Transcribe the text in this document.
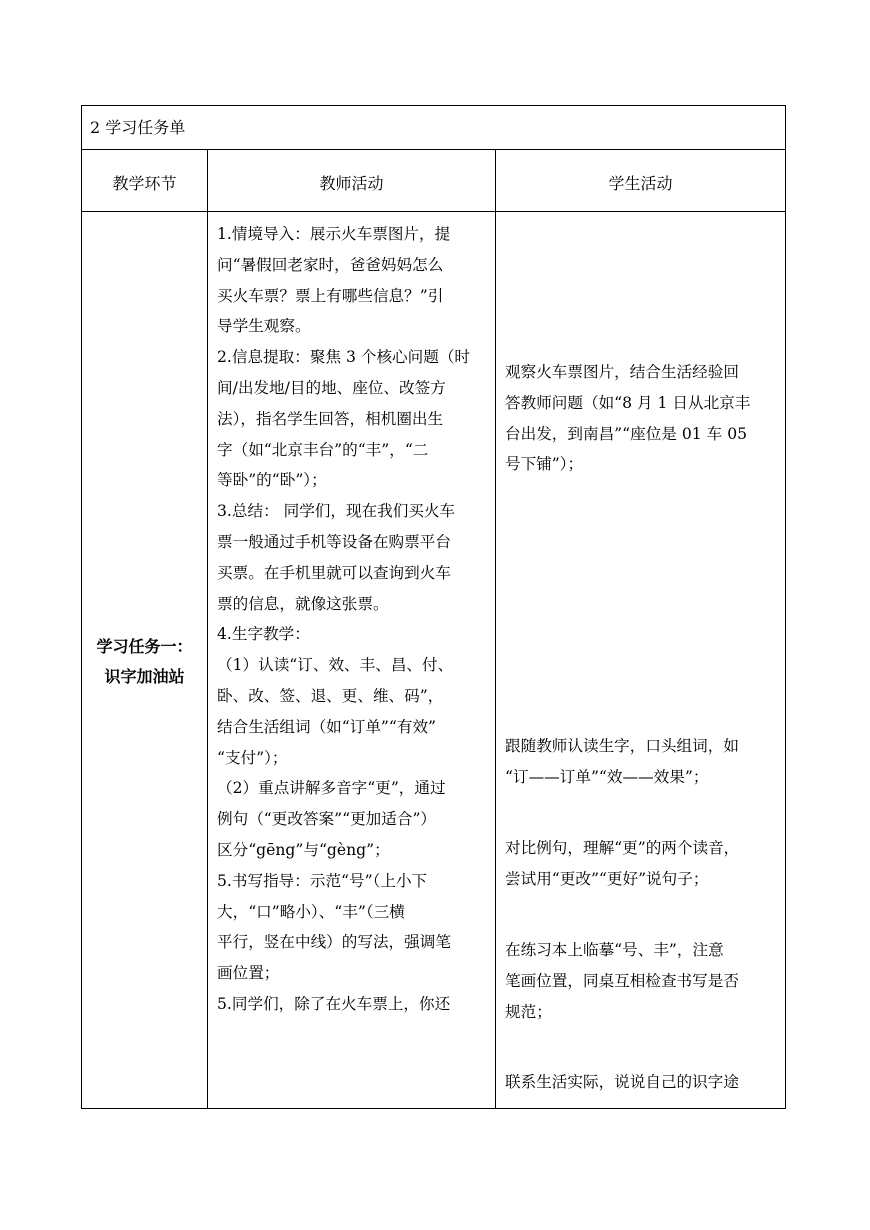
2 学习任务单
教学环节	教师活动	学生活动
学习任务一：
识字加油站
1.情境导入：展示火车票图片，提
问“暑假回老家时，爸爸妈妈怎么
买火车票？票上有哪些信息？”引
导学生观察。
2.信息提取：聚焦 3 个核心问题（时
间/出发地/目的地、座位、改签方
法），指名学生回答，相机圈出生
字（如“北京丰台”的“丰”，“二
等卧”的“卧”）；
3.总结： 同学们，现在我们买火车
票一般通过手机等设备在购票平台
买票。在手机里就可以查询到火车
票的信息，就像这张票。
4.生字教学：
（1）认读“订、效、丰、昌、付、
卧、改、签、退、更、维、码”，
结合生活组词（如“订单”“有效”
“支付”）；
（2）重点讲解多音字“更”，通过
例句（“更改答案”“更加适合”）
区分“gēng”与“gèng”；
5.书写指导：示范“号”（上小下
大，“口”略小）、“丰”（三横
平行，竖在中线）的写法，强调笔
画位置；
5.同学们，除了在火车票上，你还
观察火车票图片，结合生活经验回
答教师问题（如“8 月 1 日从北京丰
台出发，到南昌”“座位是 01 车 05
号下铺”）；
跟随教师认读生字，口头组词，如
“订——订单”“效——效果”；
对比例句，理解“更”的两个读音，
尝试用“更改”“更好”说句子；
在练习本上临摹“号、丰”，注意
笔画位置，同桌互相检查书写是否
规范；
联系生活实际，说说自己的识字途
